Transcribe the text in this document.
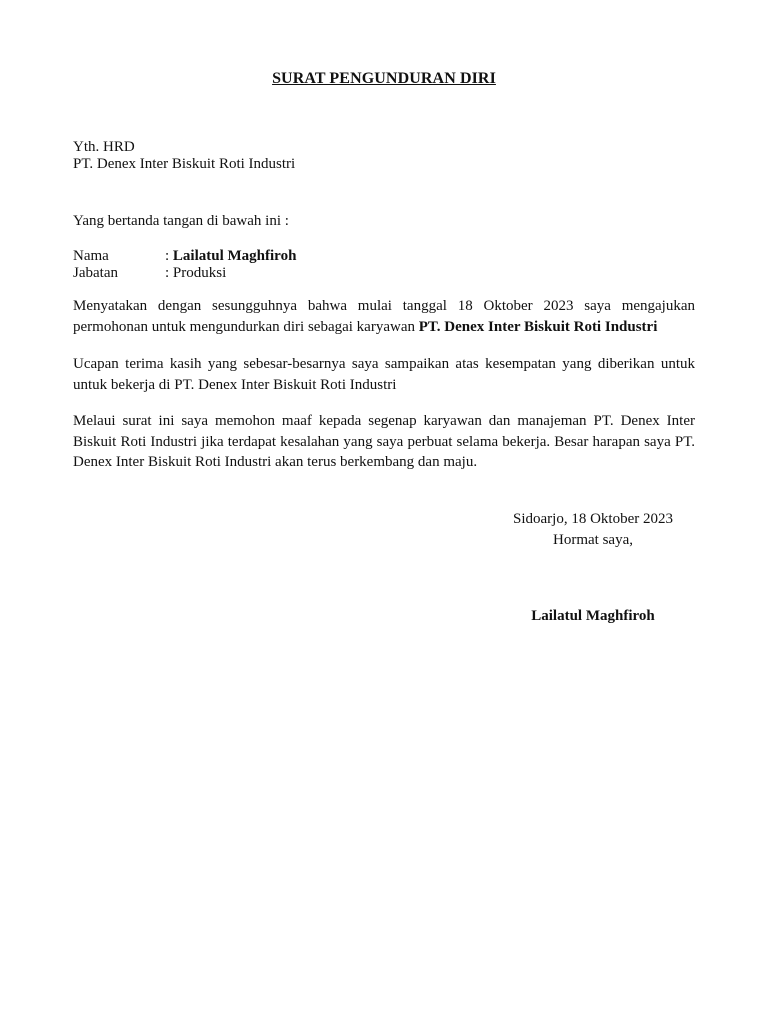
SURAT PENGUNDURAN DIRI
Yth. HRD
PT. Denex Inter Biskuit Roti Industri
Yang bertanda tangan di bawah ini :
Nama	: Lailatul Maghfiroh
Jabatan	: Produksi
Menyatakan dengan sesungguhnya bahwa mulai tanggal 18 Oktober 2023 saya mengajukan permohonan untuk mengundurkan diri sebagai karyawan PT. Denex Inter Biskuit Roti Industri
Ucapan terima kasih yang sebesar-besarnya saya sampaikan atas kesempatan yang diberikan untuk untuk bekerja di PT. Denex Inter Biskuit Roti Industri
Melaui surat ini saya memohon maaf kepada segenap karyawan dan manajeman PT. Denex Inter Biskuit Roti Industri jika terdapat kesalahan yang saya perbuat selama bekerja. Besar harapan saya PT. Denex Inter Biskuit Roti Industri akan terus berkembang dan maju.
Sidoarjo, 18 Oktober 2023
Hormat saya,
Lailatul Maghfiroh
